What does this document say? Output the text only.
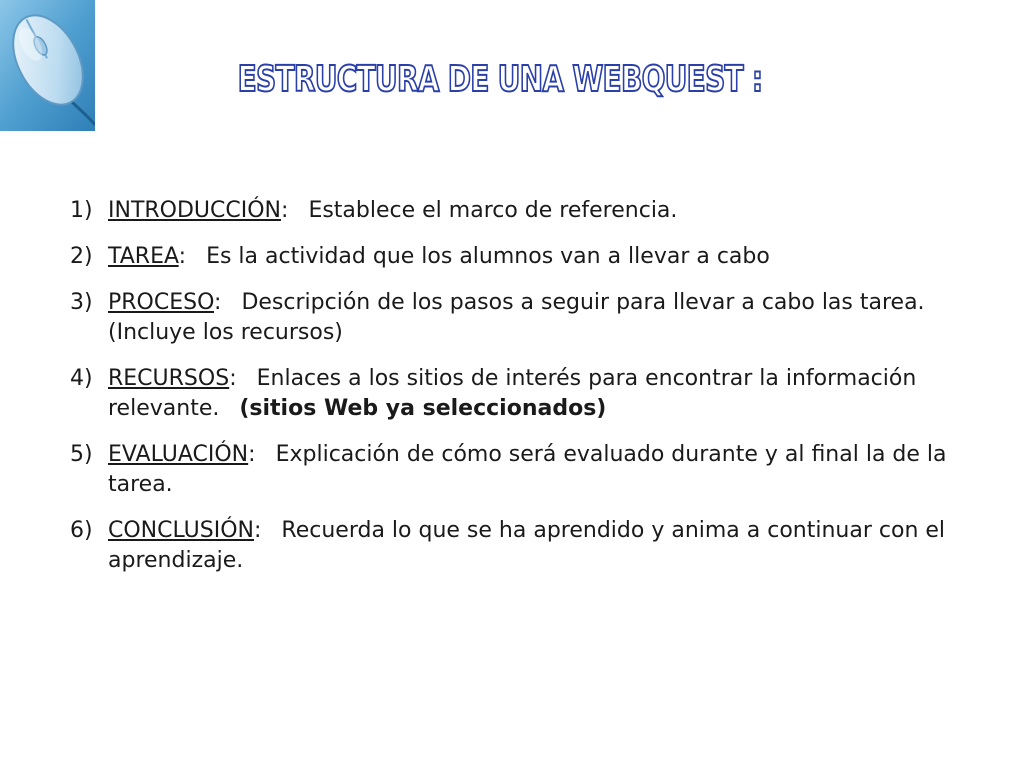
ESTRUCTURA DE UNA WEBQUEST :
1) INTRODUCCIÓN: Establece el marco de referencia.
2) TAREA: Es la actividad que los alumnos van a llevar a cabo
3) PROCESO: Descripción de los pasos a seguir para llevar a cabo las tarea.(Incluye los recursos)
4) RECURSOS: Enlaces a los sitios de interés para encontrar la información relevante. (sitios Web ya seleccionados)
5) EVALUACIÓN: Explicación de cómo será evaluado durante y al final la de la tarea.
6) CONCLUSIÓN: Recuerda lo que se ha aprendido y anima a continuar con el aprendizaje.
